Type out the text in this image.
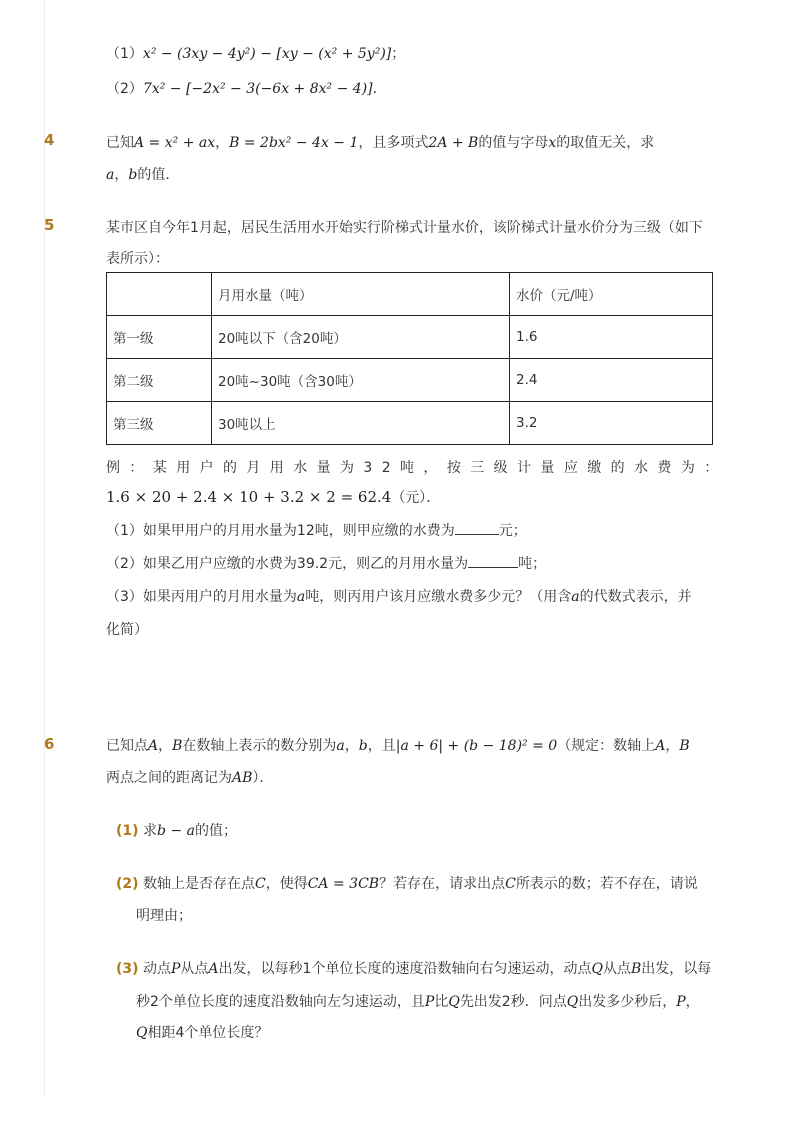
（1）x² − (3xy − 4y²) − [xy − (x² + 5y²)]；
（2）7x² − [−2x² − 3(−6x + 8x² − 4)]．
4	已知A = x² + ax，B = 2bx² − 4x − 1，且多项式2A + B的值与字母x的取值无关，求
a，b的值．
5	某市区自今年1月起，居民生活用水开始实行阶梯式计量水价，该阶梯式计量水价分为三级（如下
表所示）：
	月用水量（吨）	水价（元/吨）
第一级	20吨以下（含20吨）	1.6
第二级	20吨~30吨（含30吨）	2.4
第三级	30吨以上	3.2
例：某用户的月用水量为32吨，按三级计量应缴的水费为：
1.6 × 20 + 2.4 × 10 + 3.2 × 2 = 62.4（元）．
（1）如果甲用户的月用水量为12吨，则甲应缴的水费为	元；
（2）如果乙用户应缴的水费为39.2元，则乙的月用水量为	吨；
（3）如果丙用户的月用水量为a吨，则丙用户该月应缴水费多少元？（用含a的代数式表示，并
化简）
6	已知点A，B在数轴上表示的数分别为a，b，且|a + 6| + (b − 18)² = 0（规定：数轴上A，B
两点之间的距离记为AB）．
(1) 求b − a的值；
(2) 数轴上是否存在点C，使得CA = 3CB？若存在，请求出点C所表示的数；若不存在，请说
明理由；
(3) 动点P从点A出发，以每秒1个单位长度的速度沿数轴向右匀速运动，动点Q从点B出发，以每
秒2个单位长度的速度沿数轴向左匀速运动，且P比Q先出发2秒．问点Q出发多少秒后，P，
Q相距4个单位长度？
